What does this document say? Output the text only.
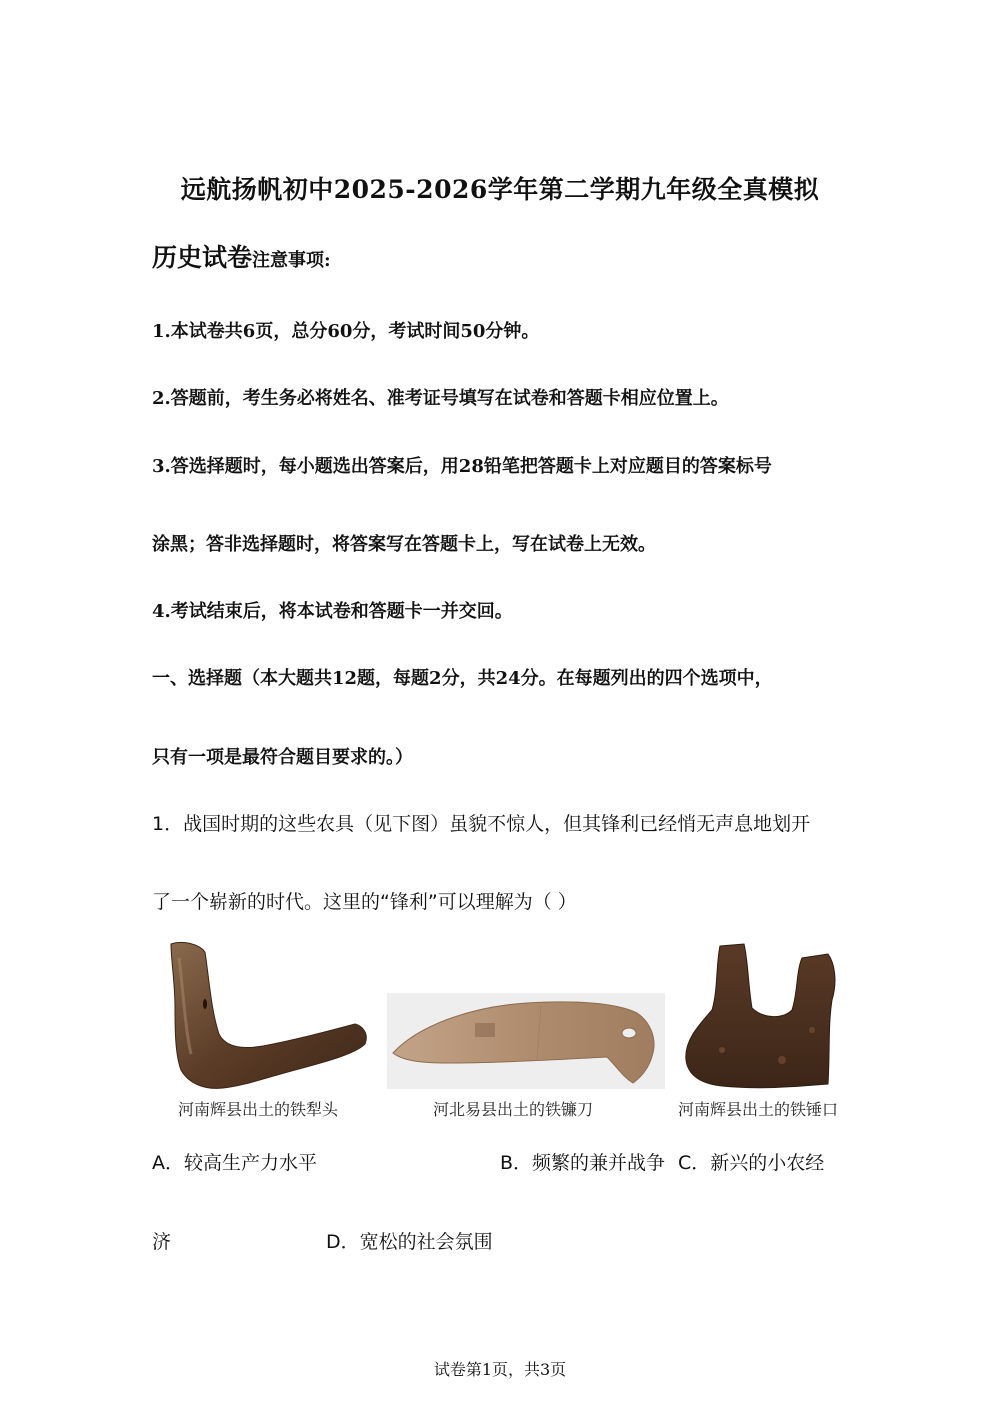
远航扬帆初中2025-2026学年第二学期九年级全真模拟
历史试卷注意事项:
1.本试卷共6页，总分60分，考试时间50分钟。
2.答题前，考生务必将姓名、准考证号填写在试卷和答题卡相应位置上。
3.答选择题时，每小题选出答案后，用28铅笔把答题卡上对应题目的答案标号
涂黑；答非选择题时，将答案写在答题卡上，写在试卷上无效。
4.考试结束后，将本试卷和答题卡一并交回。
一、选择题（本大题共12题，每题2分，共24分。在每题列出的四个选项中，
只有一项是最符合题目要求的。）
1．战国时期的这些农具（见下图）虽貌不惊人，但其锋利已经悄无声息地划开
了一个崭新的时代。这里的“锋利”可以理解为（ ）
河南辉县出土的铁犁头	河北易县出土的铁镰刀	河南辉县出土的铁锤口
A．较高生产力水平	B．频繁的兼并战争 C．新兴的小农经
济	D．宽松的社会氛围
试卷第1页，共3页
